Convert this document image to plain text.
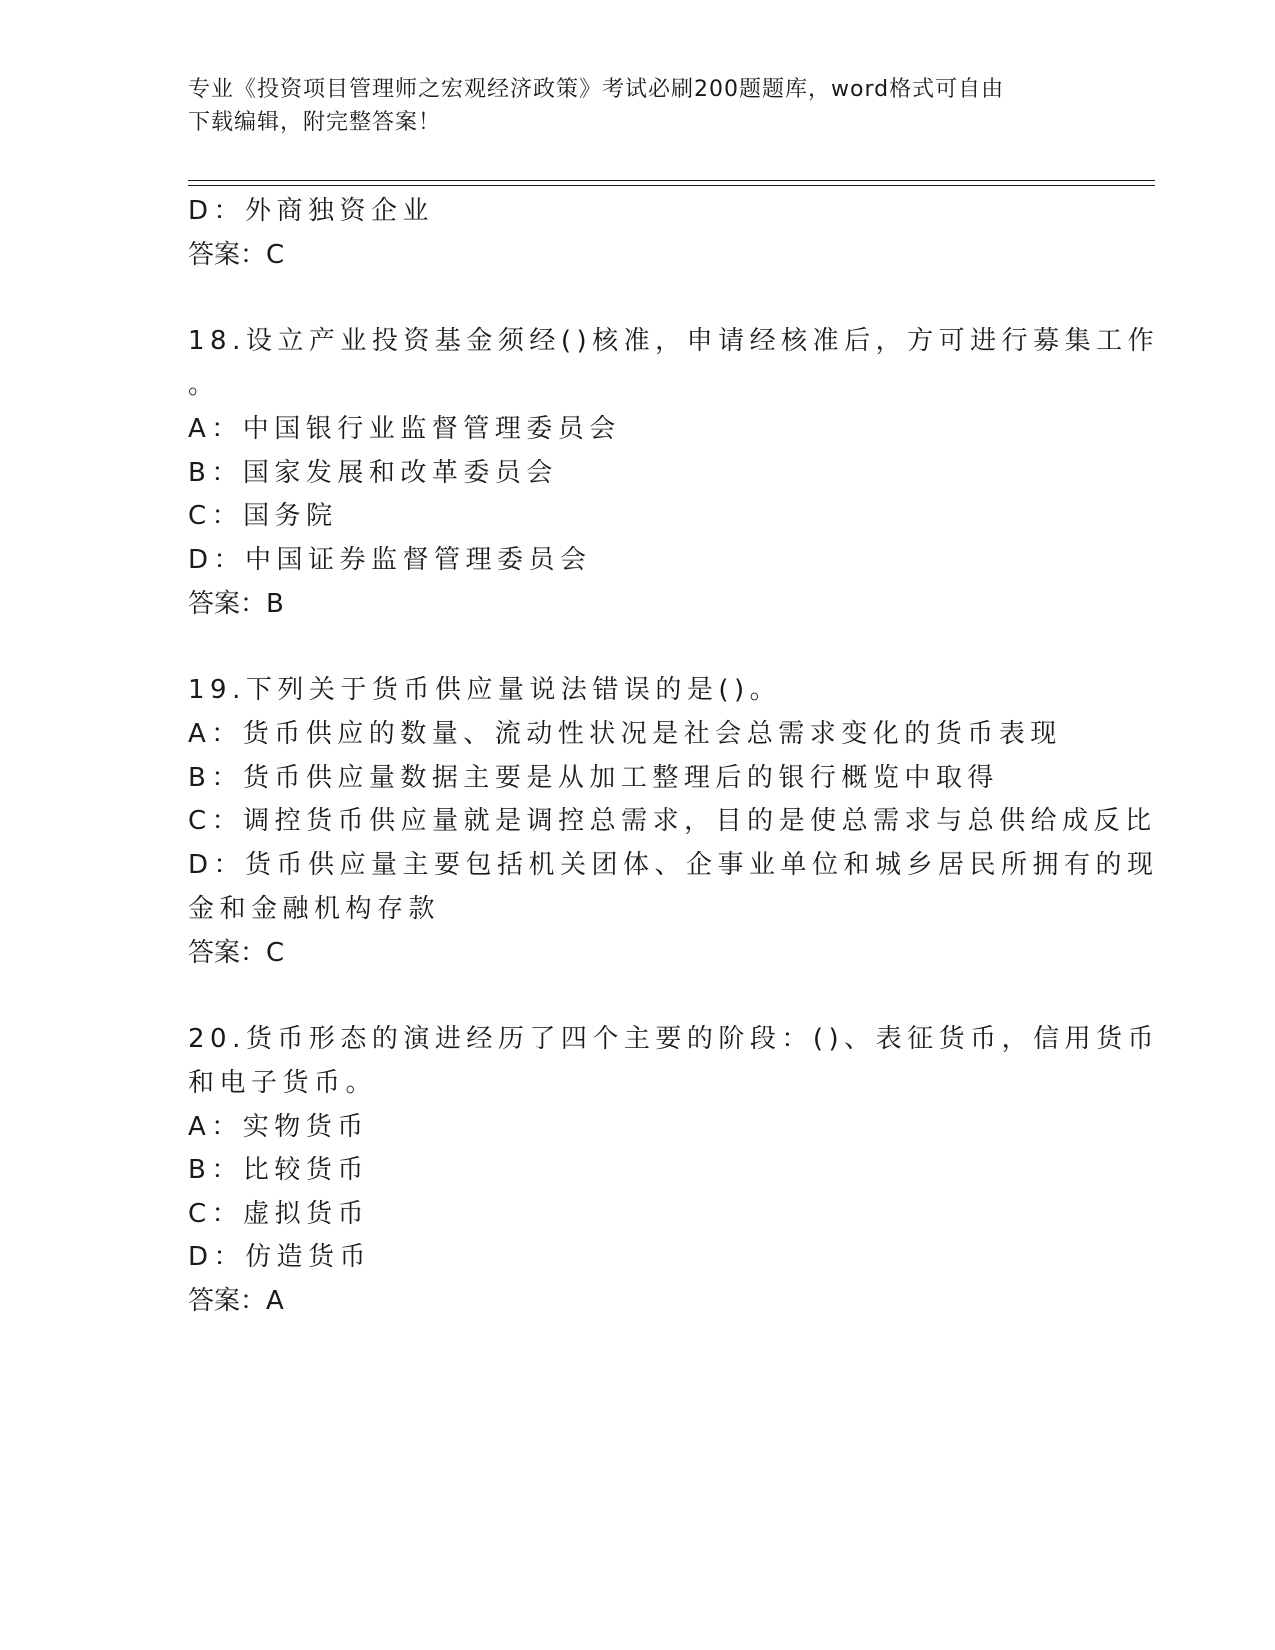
专业《投资项目管理师之宏观经济政策》考试必刷200题题库，word格式可自由
下载编辑，附完整答案！
D：外商独资企业
答案：C
18.设立产业投资基金须经()核准，申请经核准后，方可进行募集工作
。
A：中国银行业监督管理委员会
B：国家发展和改革委员会
C：国务院
D：中国证券监督管理委员会
答案：B
19.下列关于货币供应量说法错误的是()。
A：货币供应的数量、流动性状况是社会总需求变化的货币表现
B：货币供应量数据主要是从加工整理后的银行概览中取得
C：调控货币供应量就是调控总需求，目的是使总需求与总供给成反比
D：货币供应量主要包括机关团体、企事业单位和城乡居民所拥有的现
金和金融机构存款
答案：C
20.货币形态的演进经历了四个主要的阶段：()、表征货币，信用货币
和电子货币。
A：实物货币
B：比较货币
C：虚拟货币
D：仿造货币
答案：A
